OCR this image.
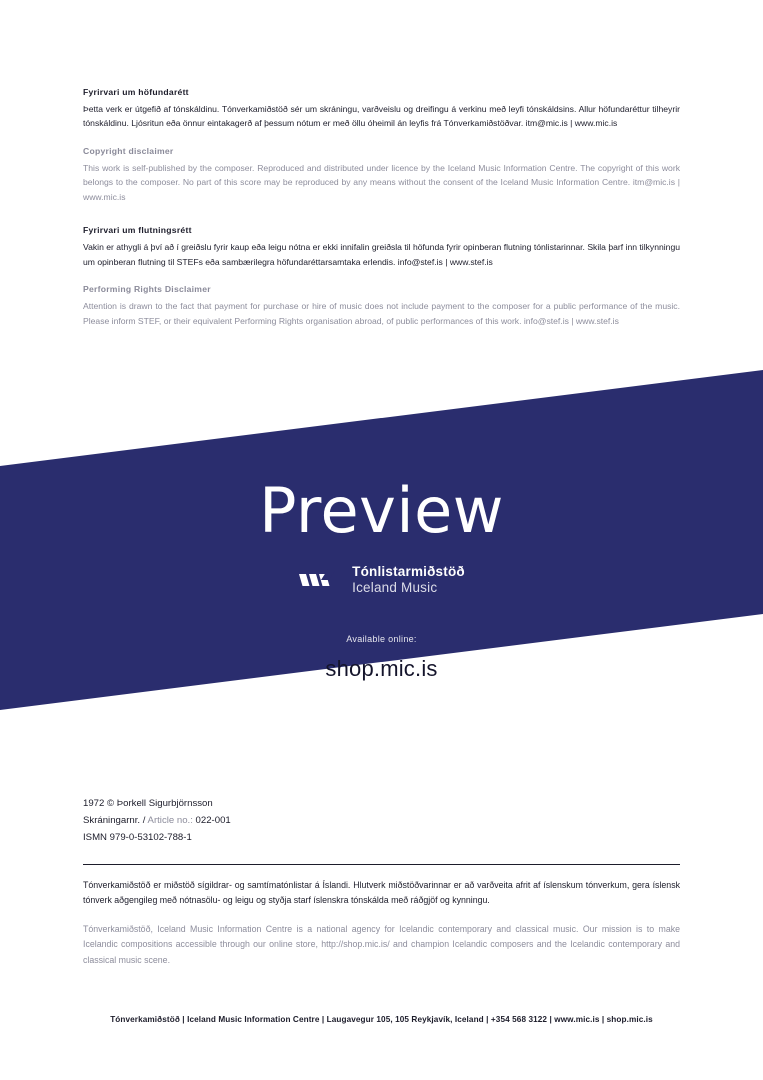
Fyrirvari um höfundarétt

Þetta verk er útgefið af tónskáldinu. Tónverkamiðstöð sér um skráningu, varðveislu og dreifingu á verkinu með leyfi tónskáldsins. Allur höfundaréttur tilheyrir tónskáldinu. Ljósritun eða önnur eintakagerð af þessum nótum er með öllu óheimil án leyfis frá Tónverkamiðstöðvar. itm@mic.is | www.mic.is

Copyright disclaimer

This work is self-published by the composer. Reproduced and distributed under licence by the Iceland Music Information Centre. The copyright of this work belongs to the composer. No part of this score may be reproduced by any means without the consent of the Iceland Music Information Centre. itm@mic.is | www.mic.is

Fyrirvari um flutningsrétt

Vakin er athygli á því að í greiðslu fyrir kaup eða leigu nótna er ekki innifalin greiðsla til höfunda fyrir opinberan flutning tónlistarinnar. Skila þarf inn tilkynningu um opinberan flutning til STEFs eða sambærilegra höfundaréttarsamtaka erlendis. info@stef.is | www.stef.is

Performing Rights Disclaimer

Attention is drawn to the fact that payment for purchase or hire of music does not include payment to the composer for a public performance of the music. Please inform STEF, or their equivalent Performing Rights organisation abroad, of public performances of this work. info@stef.is | www.stef.is

Preview
Tónlistarmiðstöð
Iceland Music
Available online:
shop.mic.is
1972 © Þorkell Sigurbjörnsson
Skráningarnr. / Article no.: 022-001
ISMN 979-0-53102-788-1

Tónverkamiðstöð er miðstöð sígildrar- og samtímatónlistar á Íslandi. Hlutverk miðstöðvarinnar er að varðveita afrit af íslenskum tónverkum, gera íslensk tónverk aðgengileg með nótnasölu- og leigu og styðja starf íslenskra tónskálda með ráðgjöf og kynningu.

Tónverkamiðstöð, Iceland Music Information Centre is a national agency for Icelandic contemporary and classical music. Our mission is to make Icelandic compositions accessible through our online store, http://shop.mic.is/ and champion Icelandic composers and the Icelandic contemporary and classical music scene.

Tónverkamiðstöð | Iceland Music Information Centre | Laugavegur 105, 105 Reykjavík, Iceland | +354 568 3122 | www.mic.is | shop.mic.is
